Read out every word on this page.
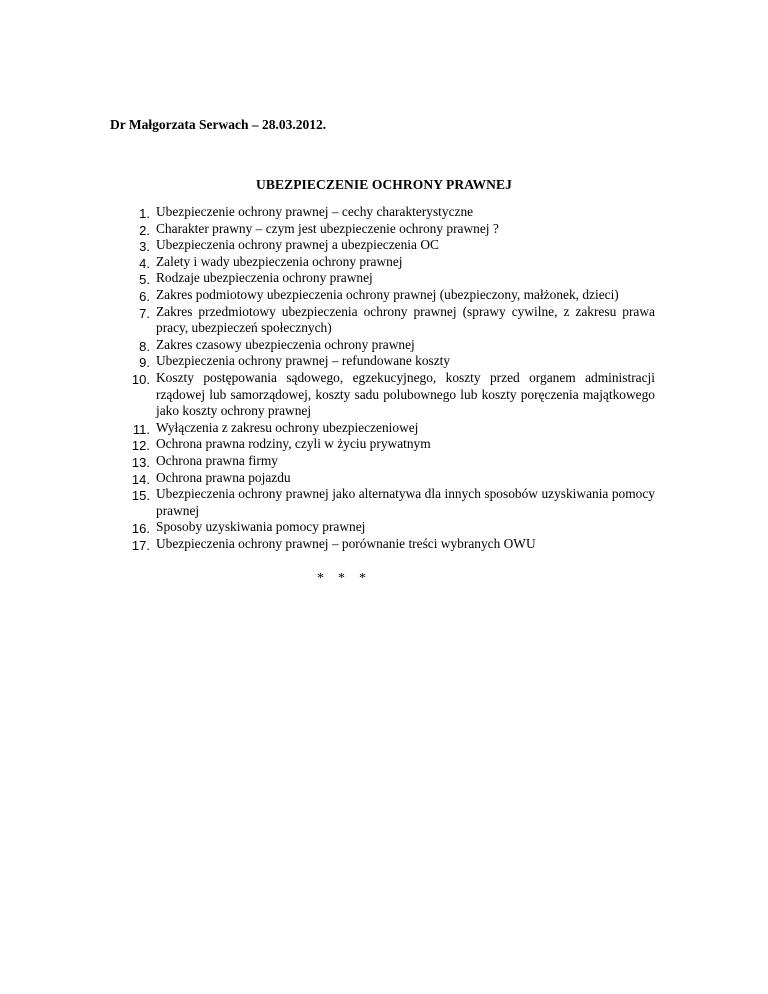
Dr Małgorzata Serwach – 28.03.2012.
UBEZPIECZENIE OCHRONY PRAWNEJ
1. Ubezpieczenie ochrony prawnej – cechy charakterystyczne
2. Charakter prawny – czym jest ubezpieczenie ochrony prawnej ?
3. Ubezpieczenia ochrony prawnej a ubezpieczenia OC
4. Zalety i wady ubezpieczenia ochrony prawnej
5. Rodzaje ubezpieczenia ochrony prawnej
6. Zakres podmiotowy ubezpieczenia ochrony prawnej (ubezpieczony, małżonek, dzieci)
7. Zakres przedmiotowy ubezpieczenia ochrony prawnej (sprawy cywilne, z zakresu prawa pracy, ubezpieczeń społecznych)
8. Zakres czasowy ubezpieczenia ochrony prawnej
9. Ubezpieczenia ochrony prawnej – refundowane koszty
10. Koszty postępowania sądowego, egzekucyjnego, koszty przed organem administracji rządowej lub samorządowej, koszty sadu polubownego lub koszty poręczenia majątkowego jako koszty ochrony prawnej
11. Wyłączenia z zakresu ochrony ubezpieczeniowej
12. Ochrona prawna rodziny, czyli w życiu prywatnym
13. Ochrona prawna firmy
14. Ochrona prawna pojazdu
15. Ubezpieczenia ochrony prawnej jako alternatywa dla innych sposobów uzyskiwania pomocy prawnej
16. Sposoby uzyskiwania pomocy prawnej
17. Ubezpieczenia ochrony prawnej – porównanie treści wybranych OWU
*    *    *
